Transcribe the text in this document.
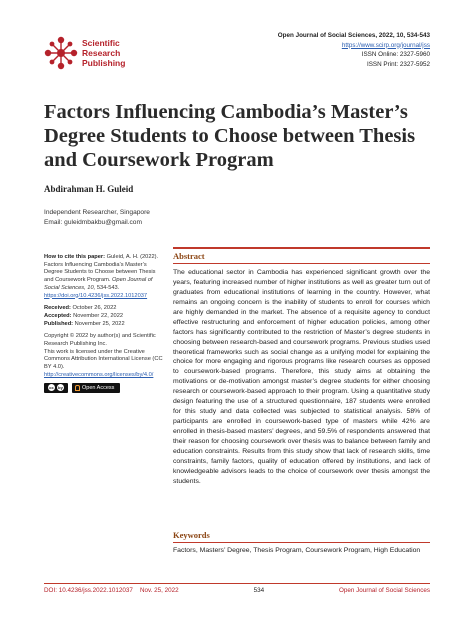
Scientific
Research
Publishing
Open Journal of Social Sciences, 2022, 10, 534-543
https://www.scirp.org/journal/jss
ISSN Online: 2327-5960
ISSN Print: 2327-5952
Factors Influencing Cambodia’s Master’s Degree Students to Choose between Thesis and Coursework Program
Abdirahman H. Guleid
Independent Researcher, Singapore
Email: guleidmbakbu@gmail.com
How to cite this paper: Guleid, A. H. (2022). Factors Influencing Cambodia’s Master’s Degree Students to Choose between Thesis and Coursework Program. Open Journal of Social Sciences, 10, 534-543.
https://doi.org/10.4236/jss.2022.1012037
Received: October 26, 2022
Accepted: November 22, 2022
Published: November 25, 2022
Copyright © 2022 by author(s) and Scientific Research Publishing Inc.
This work is licensed under the Creative Commons Attribution International License (CC BY 4.0).
http://creativecommons.org/licenses/by/4.0/
cc	by	Open Access
Abstract
The educational sector in Cambodia has experienced significant growth over the years, featuring increased number of higher institutions as well as greater turn out of graduates from educational institutions of learning in the country. However, what remains an ongoing concern is the inability of students to enroll for courses which are highly demanded in the market. The absence of a requisite agency to conduct effective restructuring and enforcement of higher education policies, among other factors has significantly contributed to the restriction of Master’s degree students in choosing between research-based and coursework programs. Previous studies used theoretical frameworks such as social change as a unifying model for explaining the choice for more engaging and rigorous programs like research courses as opposed to coursework-based programs. Therefore, this study aims at obtaining the motivations or de-motivation amongst master’s degree students for either choosing research or coursework-based approach to their program. Using a quantitative study design featuring the use of a structured questionnaire, 187 students were enrolled for this study and data collected was subjected to statistical analysis. 58% of participants are enrolled in coursework-based type of masters while 42% are enrolled in thesis-based masters’ degrees, and 59.5% of respondents answered that their reason for choosing coursework over thesis was to balance between family and education constraints. Results from this study show that lack of research skills, time constraints, family factors, quality of education offered by institutions, and lack of knowledgeable advisors leads to the choice of coursework over thesis amongst the students.
Keywords
Factors, Masters’ Degree, Thesis Program, Coursework Program, High Education
DOI: 10.4236/jss.2022.1012037 Nov. 25, 2022	534	Open Journal of Social Sciences
